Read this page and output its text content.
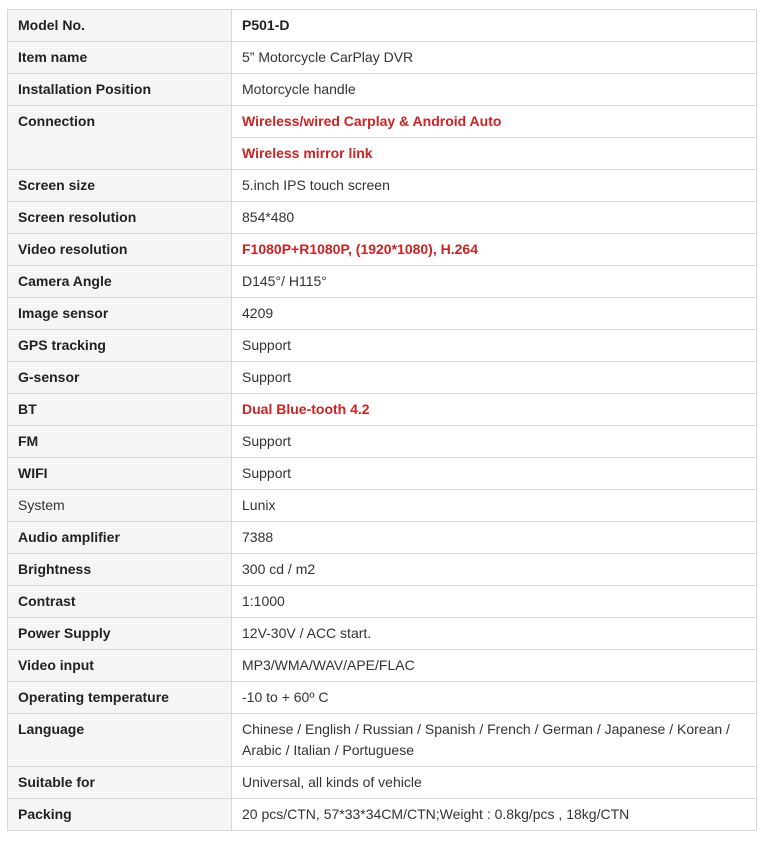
Model No.	P501-D
Item name	5” Motorcycle CarPlay DVR
Installation Position	Motorcycle handle
Connection	Wireless/wired Carplay & Android Auto
	Wireless mirror link
Screen size	5.inch IPS touch screen
Screen resolution	854*480
Video resolution	F1080P+R1080P, (1920*1080), H.264
Camera Angle	D145°/ H115°
Image sensor	4209
GPS tracking	Support
G-sensor	Support
BT	Dual Blue-tooth 4.2
FM	Support
WIFI	Support
System	Lunix
Audio amplifier	7388
Brightness	300 cd / m2
Contrast	1:1000
Power Supply	12V-30V / ACC start.
Video input	MP3/WMA/WAV/APE/FLAC
Operating temperature	-10 to + 60º C
Language	Chinese / English / Russian / Spanish / French / German / Japanese / Korean / Arabic / Italian / Portuguese
Suitable for	Universal, all kinds of vehicle
Packing	20 pcs/CTN, 57*33*34CM/CTN;Weight : 0.8kg/pcs , 18kg/CTN
